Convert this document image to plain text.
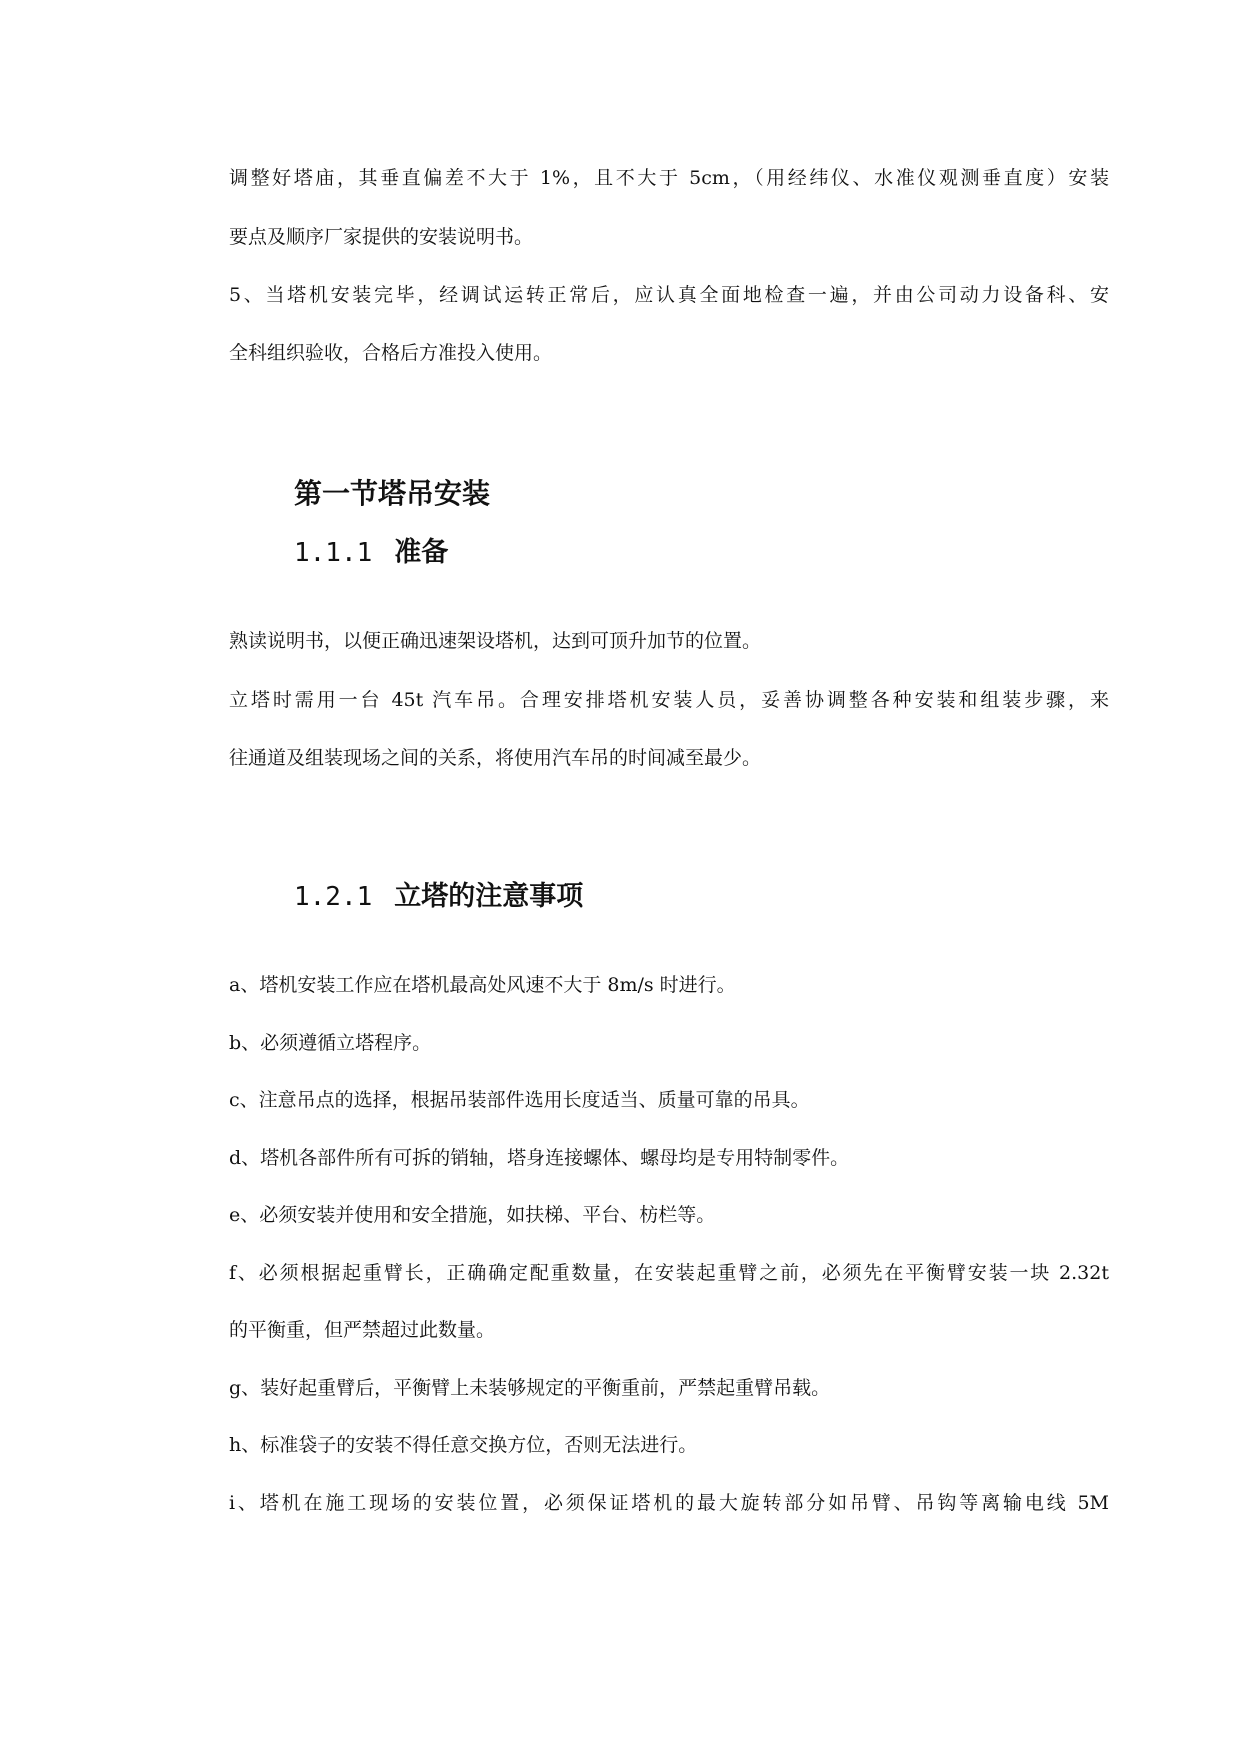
调整好塔庙，其垂直偏差不大于 1%，且不大于 5cm，（用经纬仪、水准仪观测垂直度）安装
要点及顺序厂家提供的安装说明书。
5、当塔机安装完毕，经调试运转正常后，应认真全面地检查一遍，并由公司动力设备科、安
全科组织验收，合格后方准投入使用。
第一节塔吊安装
1.1.1 准备
熟读说明书，以便正确迅速架设塔机，达到可顶升加节的位置。
立塔时需用一台 45t 汽车吊。合理安排塔机安装人员，妥善协调整各种安装和组装步骤，来
往通道及组装现场之间的关系，将使用汽车吊的时间减至最少。
1.2.1 立塔的注意事项
a、塔机安装工作应在塔机最高处风速不大于 8m/s 时进行。
b、必须遵循立塔程序。
c、注意吊点的选择，根据吊装部件选用长度适当、质量可靠的吊具。
d、塔机各部件所有可拆的销轴，塔身连接螺体、螺母均是专用特制零件。
e、必须安装并使用和安全措施，如扶梯、平台、枋栏等。
f、必须根据起重臂长，正确确定配重数量，在安装起重臂之前，必须先在平衡臂安装一块 2.32t
的平衡重，但严禁超过此数量。
g、装好起重臂后，平衡臂上未装够规定的平衡重前，严禁起重臂吊载。
h、标准袋子的安装不得任意交换方位，否则无法进行。
i、塔机在施工现场的安装位置，必须保证塔机的最大旋转部分如吊臂、吊钩等离输电线 5M
